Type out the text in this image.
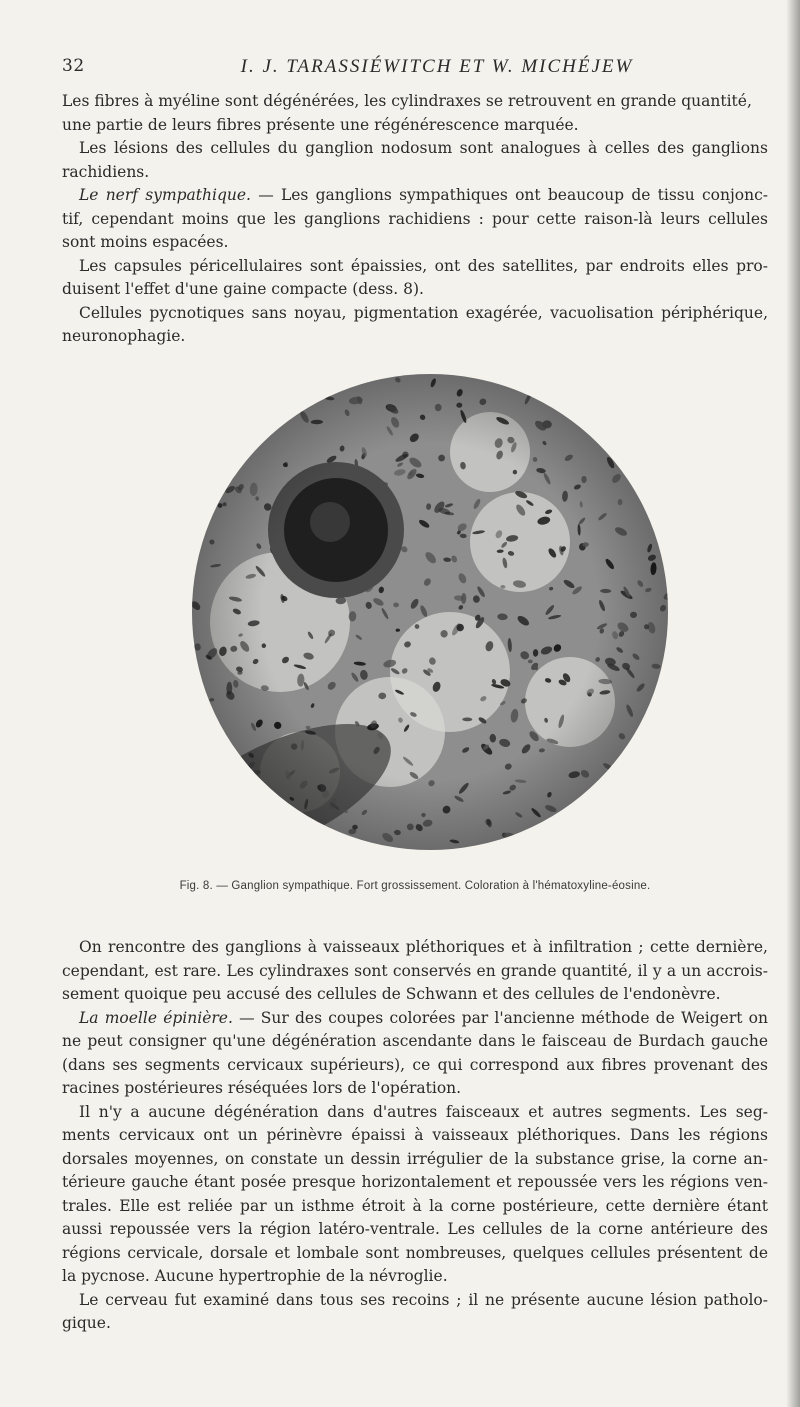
32	I. J. TARASSIÉWITCH ET W. MICHÉJEW
Les fibres à myéline sont dégénérées, les cylindraxes se retrouvent en grande quantité,
une partie de leurs fibres présente une régénérescence marquée.
Les lésions des cellules du ganglion nodosum sont analogues à celles des ganglions
rachidiens.
Le nerf sympathique. — Les ganglions sympathiques ont beaucoup de tissu conjonc-
tif, cependant moins que les ganglions rachidiens : pour cette raison-là leurs cellules
sont moins espacées.
Les capsules péricellulaires sont épaissies, ont des satellites, par endroits elles pro-
duisent l'effet d'une gaine compacte (dess. 8).
Cellules pycnotiques sans noyau, pigmentation exagérée, vacuolisation périphérique,
neuronophagie.
Fig. 8. — Ganglion sympathique. Fort grossissement. Coloration à l'hématoxyline-éosine.
On rencontre des ganglions à vaisseaux pléthoriques et à infiltration ; cette dernière,
cependant, est rare. Les cylindraxes sont conservés en grande quantité, il y a un accrois-
sement quoique peu accusé des cellules de Schwann et des cellules de l'endonèvre.
La moelle épinière. — Sur des coupes colorées par l'ancienne méthode de Weigert on
ne peut consigner qu'une dégénération ascendante dans le faisceau de Burdach gauche
(dans ses segments cervicaux supérieurs), ce qui correspond aux fibres provenant des
racines postérieures réséquées lors de l'opération.
Il n'y a aucune dégénération dans d'autres faisceaux et autres segments. Les seg-
ments cervicaux ont un périnèvre épaissi à vaisseaux pléthoriques. Dans les régions
dorsales moyennes, on constate un dessin irrégulier de la substance grise, la corne an-
térieure gauche étant posée presque horizontalement et repoussée vers les régions ven-
trales. Elle est reliée par un isthme étroit à la corne postérieure, cette dernière étant
aussi repoussée vers la région latéro-ventrale. Les cellules de la corne antérieure des
régions cervicale, dorsale et lombale sont nombreuses, quelques cellules présentent de
la pycnose. Aucune hypertrophie de la névroglie.
Le cerveau fut examiné dans tous ses recoins ; il ne présente aucune lésion patholo-
gique.
